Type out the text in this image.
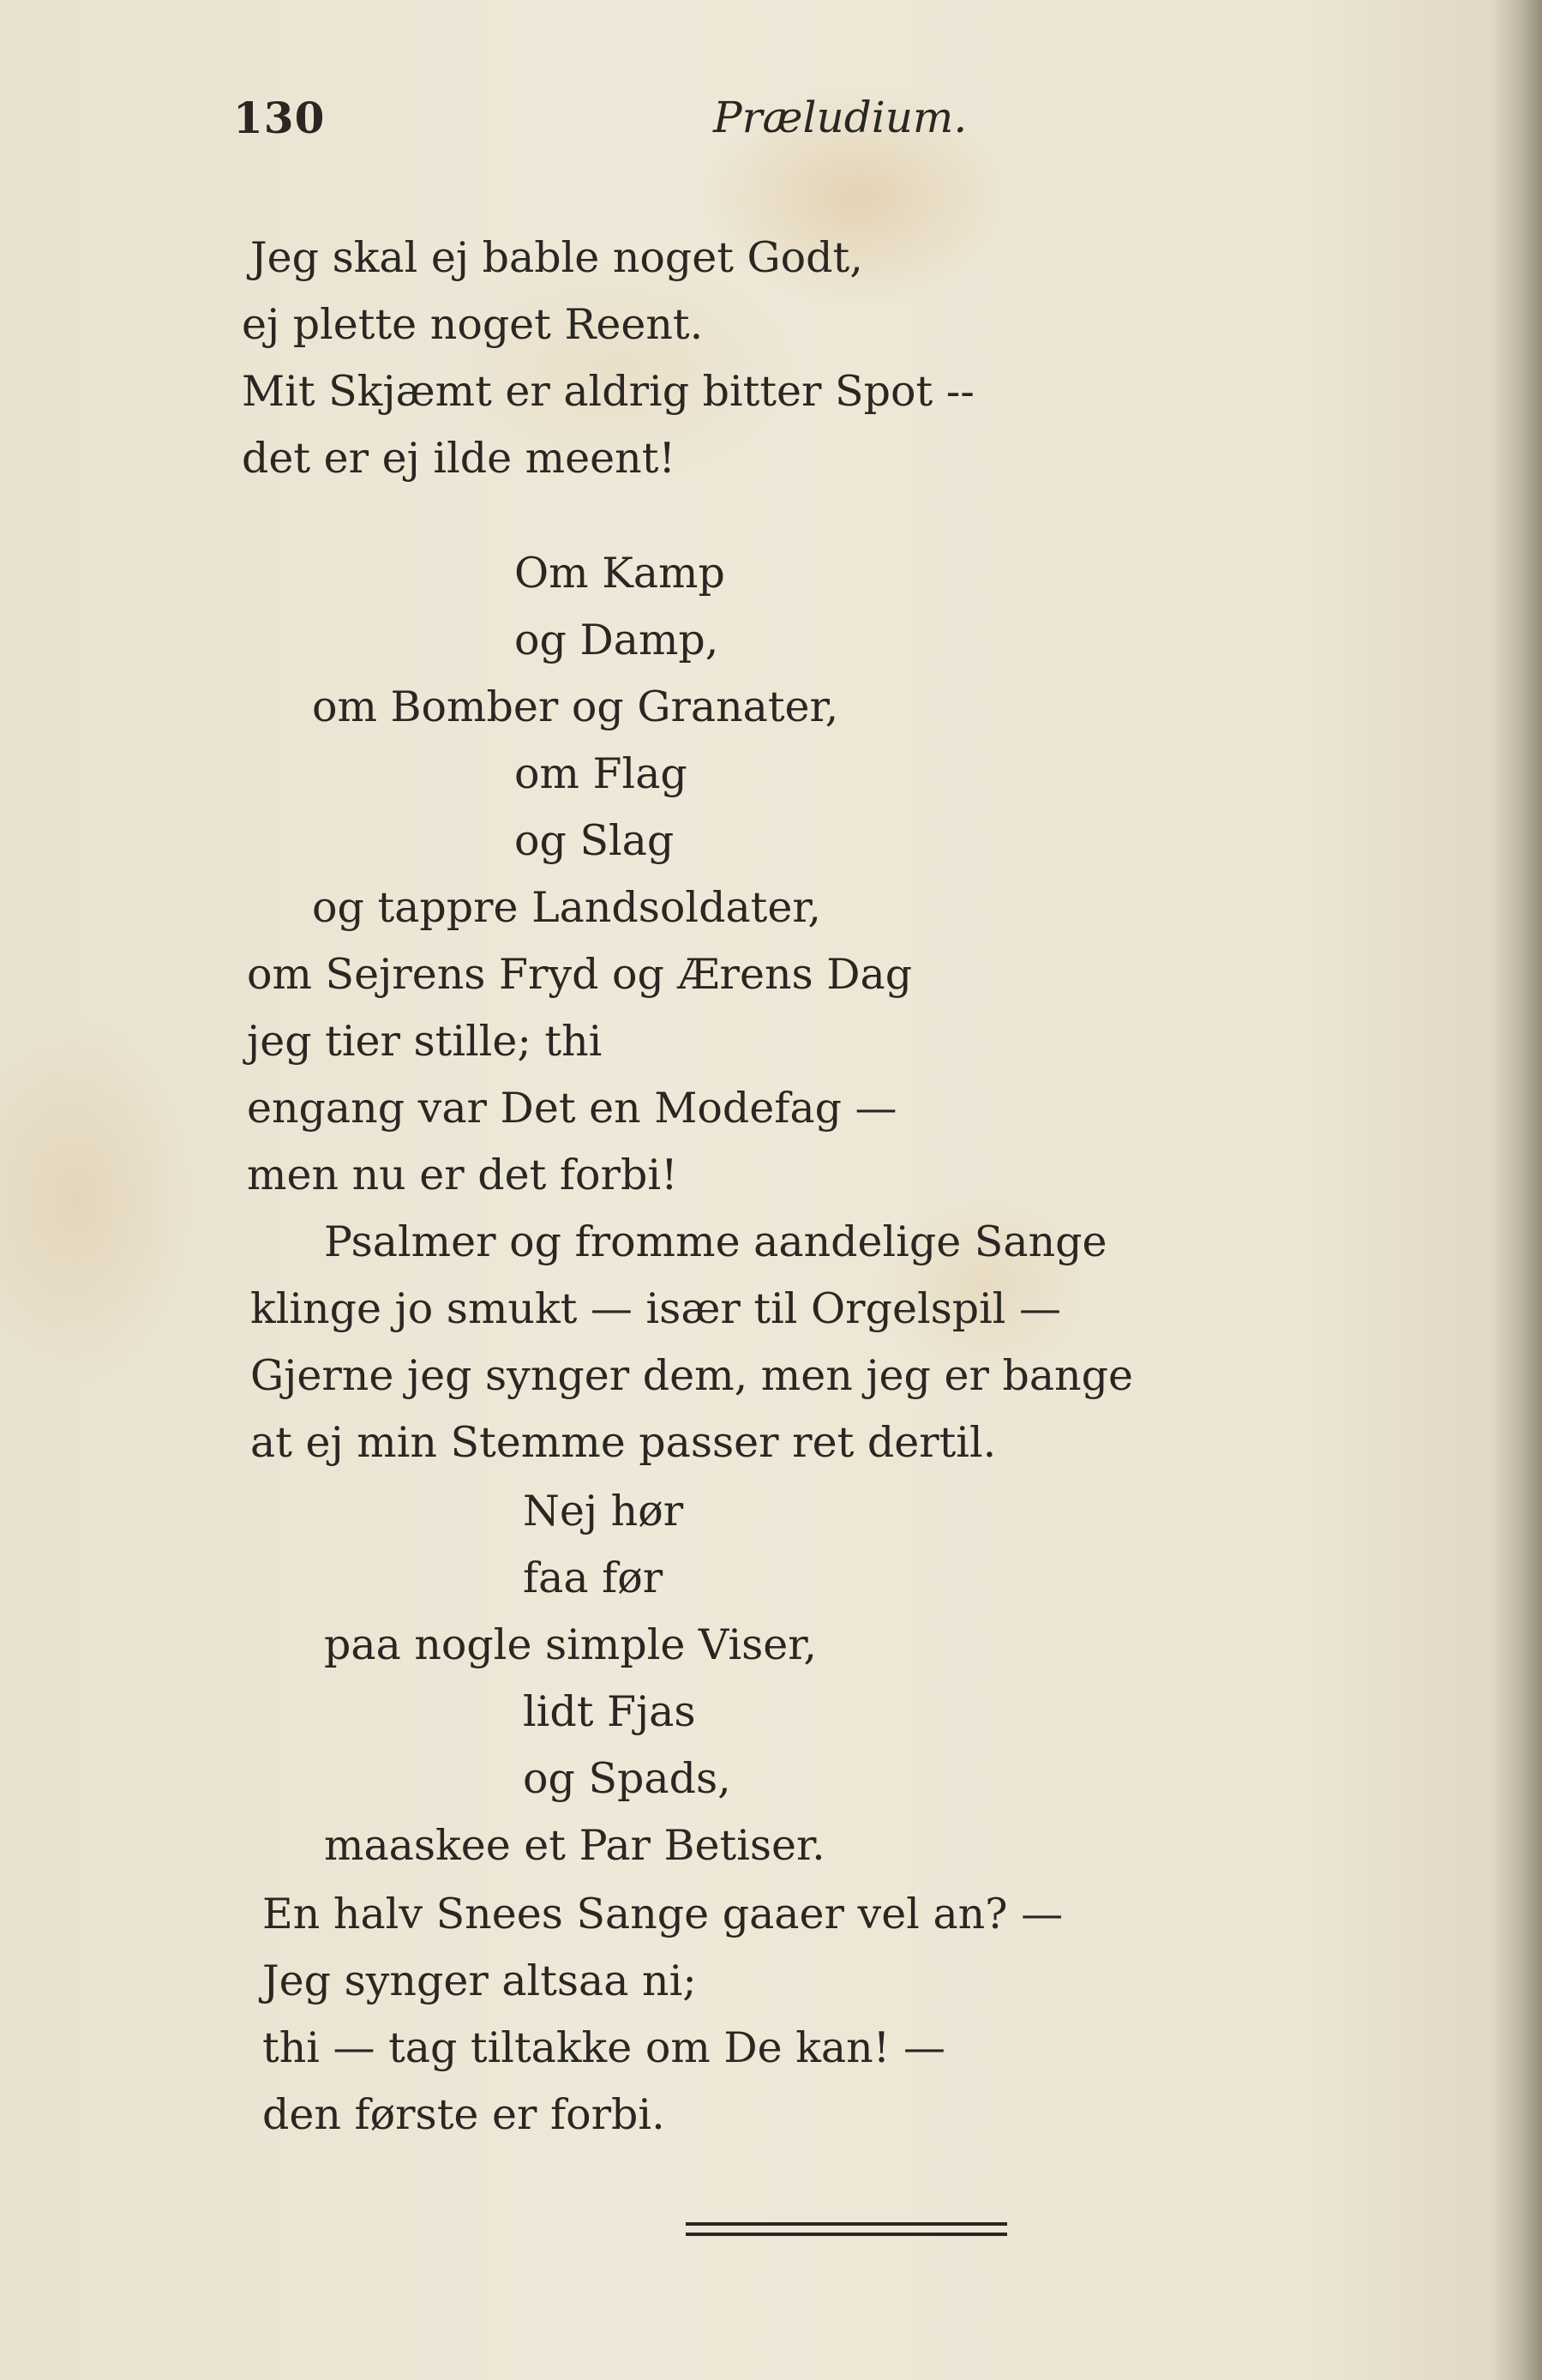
130	Præludium.
Jeg skal ej bable noget Godt,
ej plette noget Reent.
Mit Skjæmt er aldrig bitter Spot --
det er ej ilde meent!
Om Kamp
og Damp,
om Bomber og Granater,
om Flag
og Slag
og tappre Landsoldater,
om Sejrens Fryd og Ærens Dag
jeg tier stille; thi
engang var Det en Modefag —
men nu er det forbi!
Psalmer og fromme aandelige Sange
klinge jo smukt — især til Orgelspil —
Gjerne jeg synger dem, men jeg er bange
at ej min Stemme passer ret dertil.
Nej hør
faa før
paa nogle simple Viser,
lidt Fjas
og Spads,
maaskee et Par Betiser.
En halv Snees Sange gaaer vel an? —
Jeg synger altsaa ni;
thi — tag tiltakke om De kan! —
den første er forbi.
